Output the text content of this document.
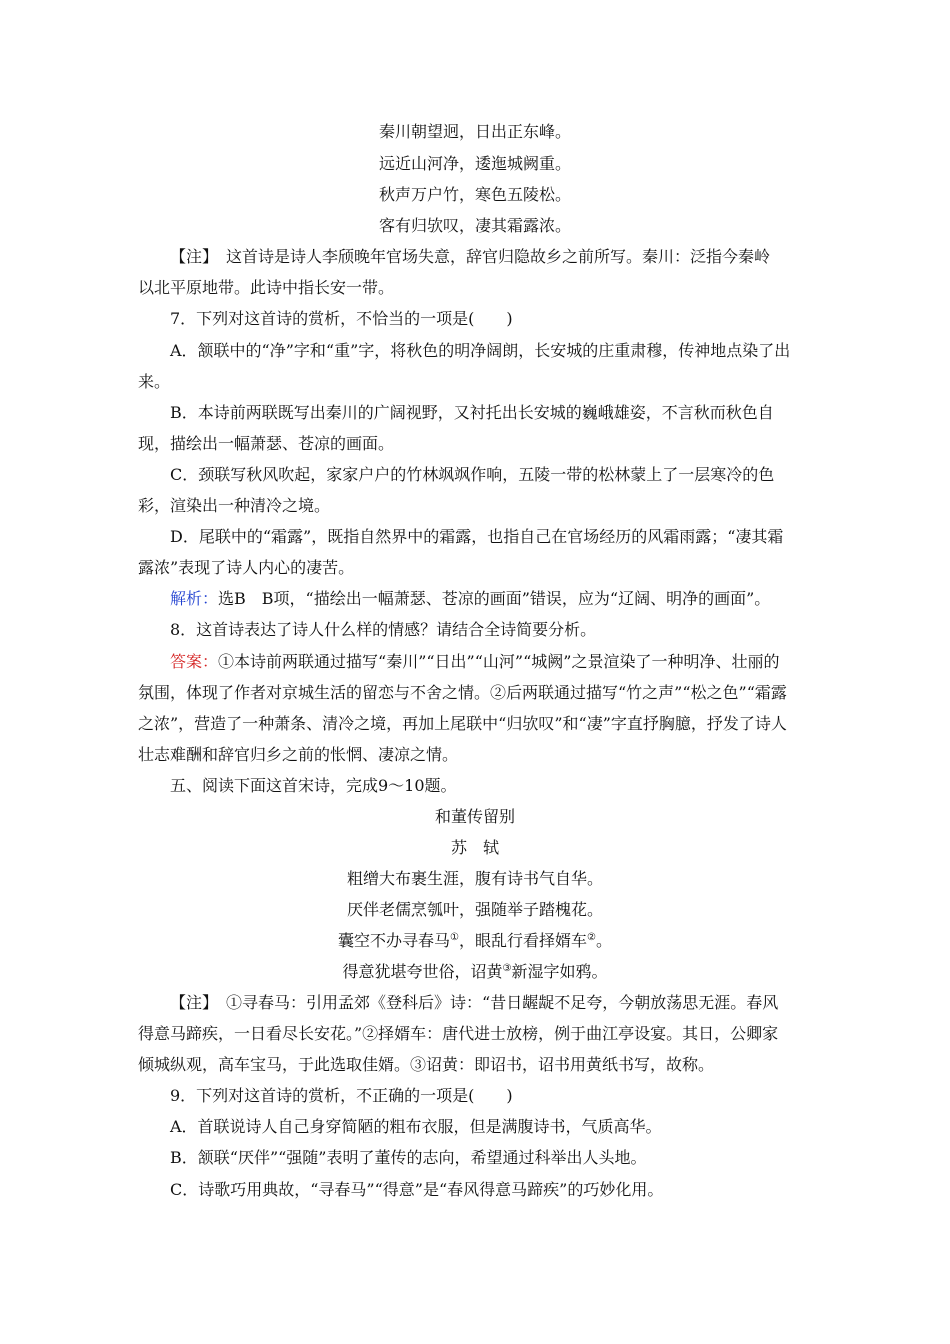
秦川朝望迥，日出正东峰。
远近山河净，逶迤城阙重。
秋声万户竹，寒色五陵松。
客有归欤叹，凄其霜露浓。
【注】　这首诗是诗人李颀晚年官场失意，辞官归隐故乡之前所写。秦川：泛指今秦岭
以北平原地带。此诗中指长安一带。
7．下列对这首诗的赏析，不恰当的一项是(　　)
A．颔联中的“净”字和“重”字，将秋色的明净阔朗，长安城的庄重肃穆，传神地点染了出
来。
B．本诗前两联既写出秦川的广阔视野，又衬托出长安城的巍峨雄姿，不言秋而秋色自
现，描绘出一幅萧瑟、苍凉的画面。
C．颈联写秋风吹起，家家户户的竹林飒飒作响，五陵一带的松林蒙上了一层寒冷的色
彩，渲染出一种清冷之境。
D．尾联中的“霜露”，既指自然界中的霜露，也指自己在官场经历的风霜雨露；“凄其霜
露浓”表现了诗人内心的凄苦。
解析：选B　B项，“描绘出一幅萧瑟、苍凉的画面”错误，应为“辽阔、明净的画面”。
8．这首诗表达了诗人什么样的情感？请结合全诗简要分析。
答案：①本诗前两联通过描写“秦川”“日出”“山河”“城阙”之景渲染了一种明净、壮丽的
氛围，体现了作者对京城生活的留恋与不舍之情。②后两联通过描写“竹之声”“松之色”“霜露
之浓”，营造了一种萧条、清冷之境，再加上尾联中“归欤叹”和“凄”字直抒胸臆，抒发了诗人
壮志难酬和辞官归乡之前的怅惘、凄凉之情。
五、阅读下面这首宋诗，完成9～10题。
和董传留别
苏　轼
粗缯大布裹生涯，腹有诗书气自华。
厌伴老儒烹瓠叶，强随举子踏槐花。
囊空不办寻春马①，眼乱行看择婿车②。
得意犹堪夸世俗，诏黄③新湿字如鸦。
【注】　①寻春马：引用孟郊《登科后》诗：“昔日龌龊不足夸，今朝放荡思无涯。春风
得意马蹄疾，一日看尽长安花。”②择婿车：唐代进士放榜，例于曲江亭设宴。其日，公卿家
倾城纵观，高车宝马，于此选取佳婿。③诏黄：即诏书，诏书用黄纸书写，故称。
9．下列对这首诗的赏析，不正确的一项是(　　)
A．首联说诗人自己身穿简陋的粗布衣服，但是满腹诗书，气质高华。
B．颔联“厌伴”“强随”表明了董传的志向，希望通过科举出人头地。
C．诗歌巧用典故，“寻春马”“得意”是“春风得意马蹄疾”的巧妙化用。
